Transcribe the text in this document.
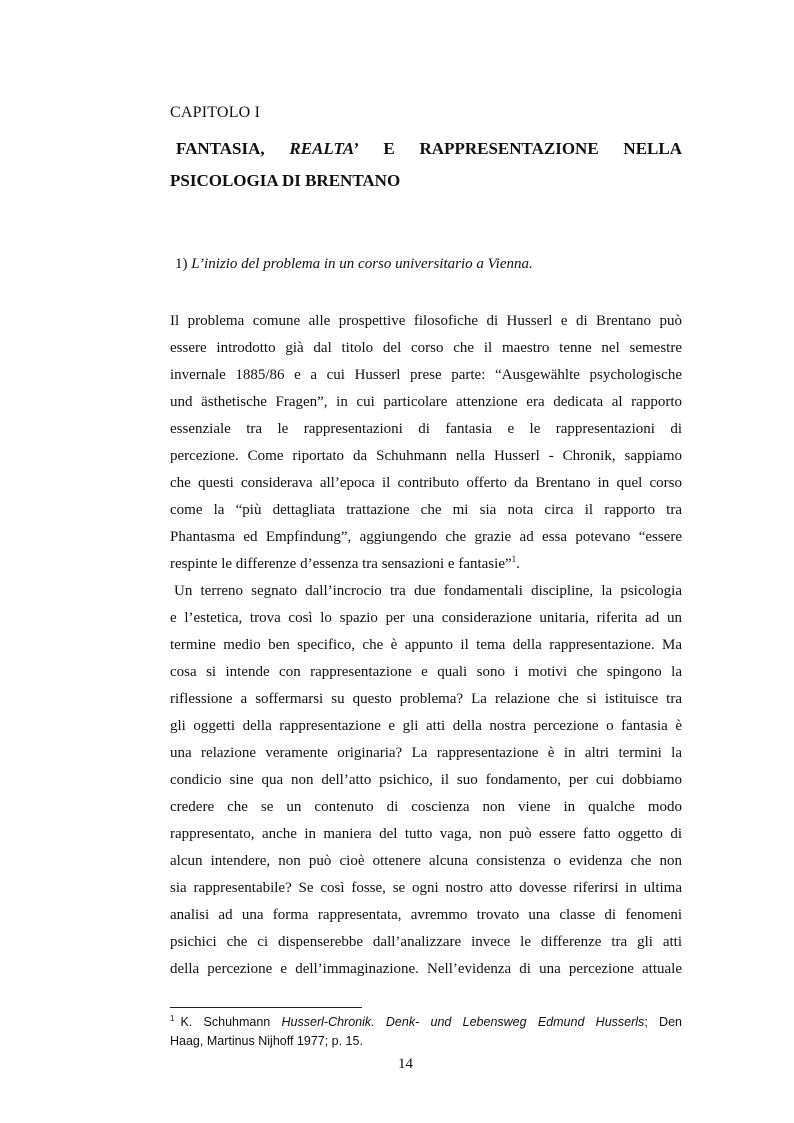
CAPITOLO I
FANTASIA, REALTA’ E RAPPRESENTAZIONE NELLA
PSICOLOGIA DI BRENTANO
1) L’inizio del problema in un corso universitario a Vienna.
Il problema comune alle prospettive filosofiche di Husserl e di Brentano può
essere introdotto già dal titolo del corso che il maestro tenne nel semestre
invernale 1885/86 e a cui Husserl prese parte: “Ausgewählte psychologische
und ästhetische Fragen”, in cui particolare attenzione era dedicata al rapporto
essenziale tra le rappresentazioni di fantasia e le rappresentazioni di
percezione. Come riportato da Schuhmann nella Husserl - Chronik, sappiamo
che questi considerava all’epoca il contributo offerto da Brentano in quel corso
come la “più dettagliata trattazione che mi sia nota circa il rapporto tra
Phantasma ed Empfindung”, aggiungendo che grazie ad essa potevano “essere
respinte le differenze d’essenza tra sensazioni e fantasie”$^1$.
Un terreno segnato dall’incrocio tra due fondamentali discipline, la psicologia
e l’estetica, trova così lo spazio per una considerazione unitaria, riferita ad un
termine medio ben specifico, che è appunto il tema della rappresentazione. Ma
cosa si intende con rappresentazione e quali sono i motivi che spingono la
riflessione a soffermarsi su questo problema? La relazione che si istituisce tra
gli oggetti della rappresentazione e gli atti della nostra percezione o fantasia è
una relazione veramente originaria? La rappresentazione è in altri termini la
condicio sine qua non dell’atto psichico, il suo fondamento, per cui dobbiamo
credere che se un contenuto di coscienza non viene in qualche modo
rappresentato, anche in maniera del tutto vaga, non può essere fatto oggetto di
alcun intendere, non può cioè ottenere alcuna consistenza o evidenza che non
sia rappresentabile? Se così fosse, se ogni nostro atto dovesse riferirsi in ultima
analisi ad una forma rappresentata, avremmo trovato una classe di fenomeni
psichici che ci dispenserebbe dall’analizzare invece le differenze tra gli atti
della percezione e dell’immaginazione. Nell’evidenza di una percezione attuale
$^1$ K. Schuhmann Husserl-Chronik. Denk- und Lebensweg Edmund Husserls; Den
Haag, Martinus Nijhoff 1977; p. 15.
14
